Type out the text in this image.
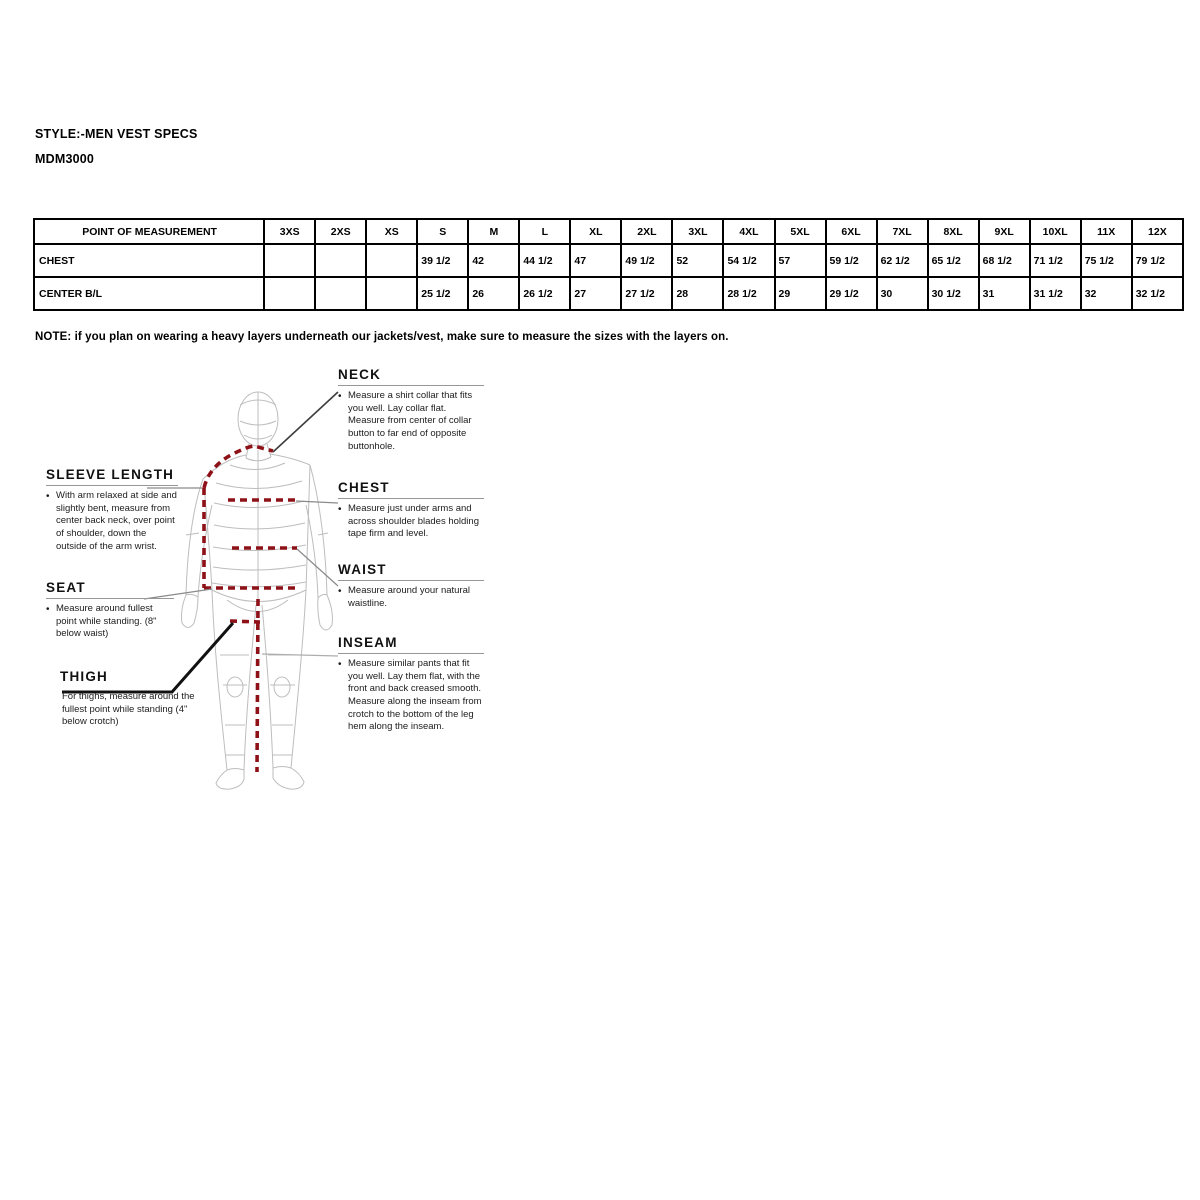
STYLE:-MEN VEST SPECS
MDM3000
POINT OF MEASUREMENT	3XS	2XS	XS	S	M	L	XL	2XL	3XL	4XL	5XL	6XL	7XL	8XL	9XL	10XL	11X	12X
CHEST				39 1/2	42	44 1/2	47	49 1/2	52	54 1/2	57	59 1/2	62 1/2	65 1/2	68 1/2	71 1/2	75 1/2	79 1/2
CENTER B/L				25 1/2	26	26 1/2	27	27 1/2	28	28 1/2	29	29 1/2	30	30 1/2	31	31 1/2	32	32 1/2
NOTE: if you plan on wearing a heavy layers underneath our jackets/vest, make sure to measure the sizes with the layers on.
NECK

• Measure a shirt collar that fits you well. Lay collar flat. Measure from center of collar button to far end of opposite buttonhole.

CHEST

• Measure just under arms and across shoulder blades holding tape firm and level.

WAIST

• Measure around your natural waistline.

INSEAM

• Measure similar pants that fit you well. Lay them flat, with the front and back creased smooth. Measure along the inseam from crotch to the bottom of the leg hem along the inseam.

SLEEVE LENGTH

• With arm relaxed at side and slightly bent, measure from center back neck, over point of shoulder, down the outside of the arm wrist.

SEAT

• Measure around fullest point while standing. (8" below waist)

THIGH

For thighs, measure around the fullest point while standing (4" below crotch)
